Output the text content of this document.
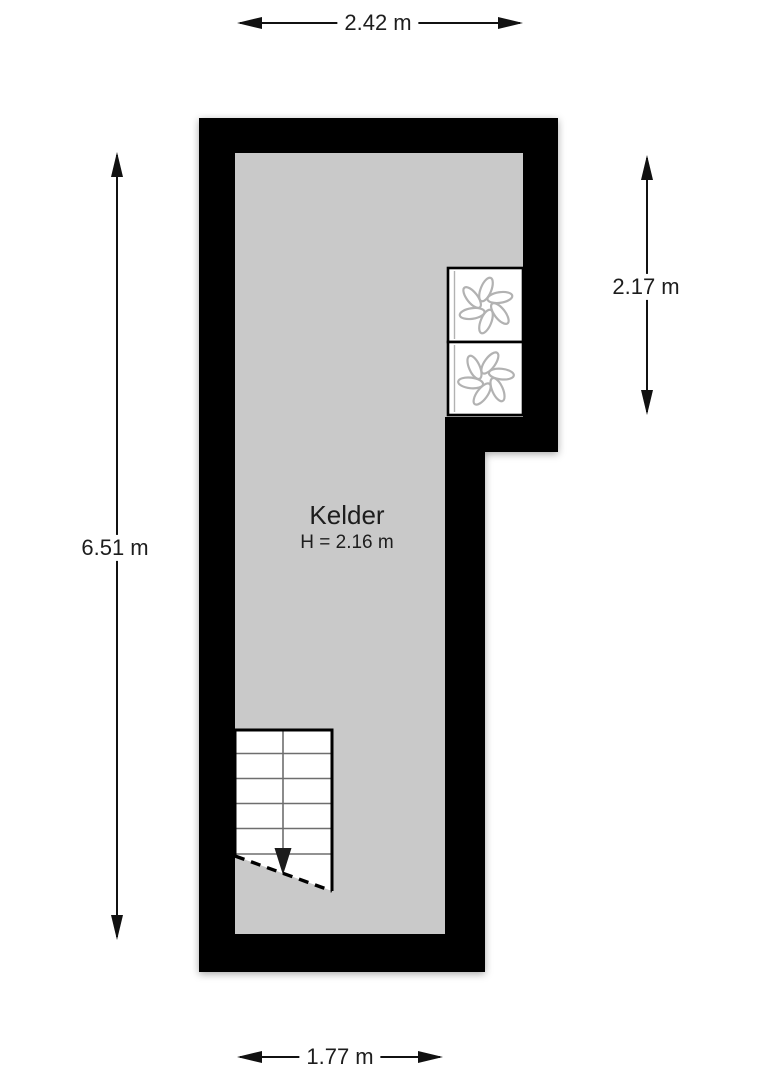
2.42 m
6.51 m
2.17 m
1.77 m
Kelder
H = 2.16 m
